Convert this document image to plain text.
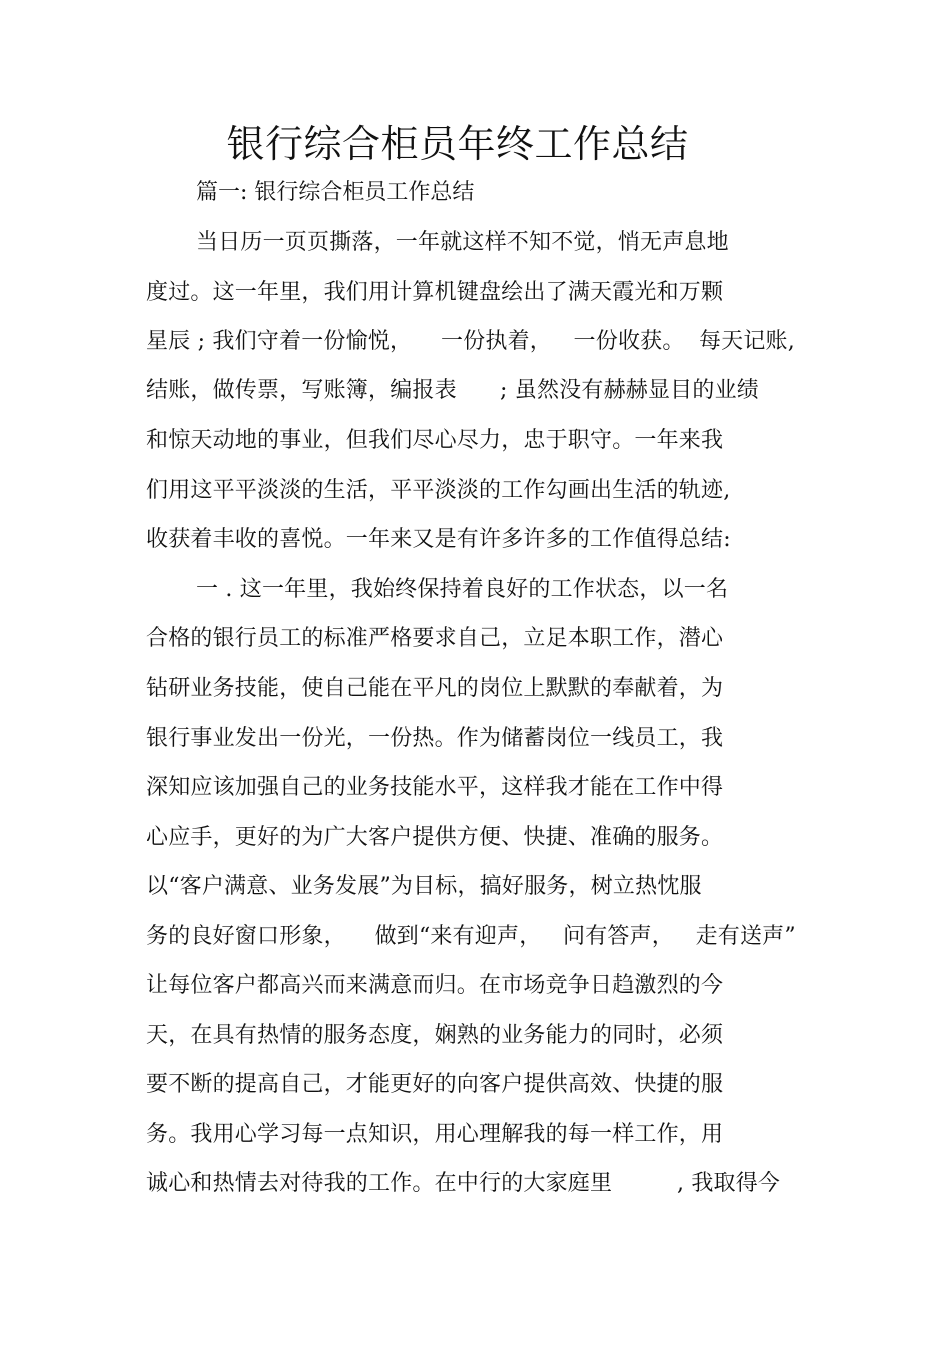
银行综合柜员年终工作总结
篇一: 银行综合柜员工作总结
当日历一页页撕落，一年就这样不知不觉，悄无声息地
度过。这一年里，我们用计算机键盘绘出了满天霞光和万颗
星辰 ; 我们守着一份愉悦，    一份执着，   一份收获。  每天记账,
结账，做传票，写账簿，编报表      ; 虽然没有赫赫显目的业绩
和惊天动地的事业，但我们尽心尽力，忠于职守。一年来我
们用这平平淡淡的生活，平平淡淡的工作勾画出生活的轨迹,
收获着丰收的喜悦。一年来又是有许多许多的工作值得总结:
一 . 这一年里，我始终保持着良好的工作状态，以一名
合格的银行员工的标准严格要求自己，立足本职工作，潜心
钻研业务技能，使自己能在平凡的岗位上默默的奉献着，为
银行事业发出一份光，一份热。作为储蓄岗位一线员工，我
深知应该加强自己的业务技能水平，这样我才能在工作中得
心应手，更好的为广大客户提供方便、快捷、准确的服务。
以“客户满意、业务发展”为目标，搞好服务，树立热忱服
务的良好窗口形象，    做到“来有迎声，   问有答声，   走有送声”
让每位客户都高兴而来满意而归。在市场竞争日趋激烈的今
天，在具有热情的服务态度，娴熟的业务能力的同时，必须
要不断的提高自己，才能更好的向客户提供高效、快捷的服
务。我用心学习每一点知识，用心理解我的每一样工作，用
诚心和热情去对待我的工作。在中行的大家庭里         , 我取得今
